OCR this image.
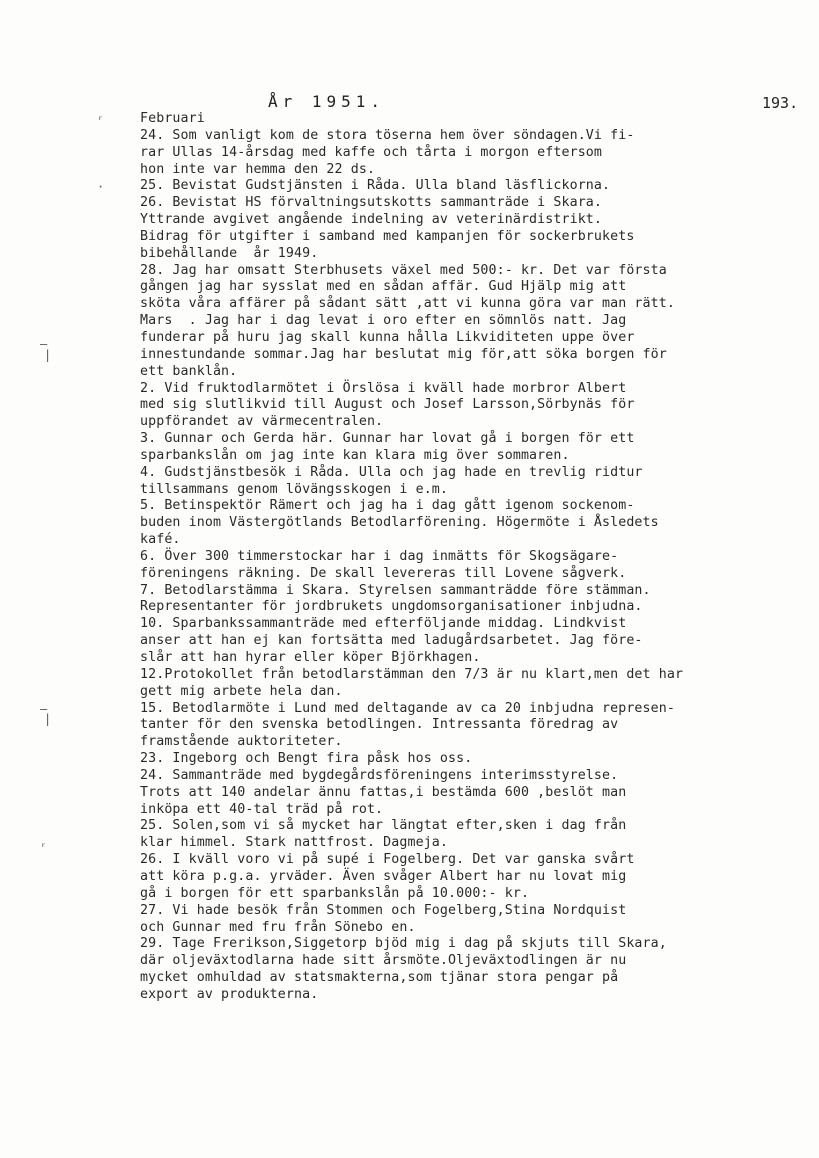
År 1951.	193.
ʳ
·
–
|
–
|
ʳ
Februari
24. Som vanligt kom de stora töserna hem över söndagen.Vi fi-
rar Ullas 14-årsdag med kaffe och tårta i morgon eftersom
hon inte var hemma den 22 ds.
25. Bevistat Gudstjänsten i Råda. Ulla bland läsflickorna.
26. Bevistat HS förvaltningsutskotts sammanträde i Skara.
Yttrande avgivet angående indelning av veterinärdistrikt.
Bidrag för utgifter i samband med kampanjen för sockerbrukets
bibehållande  år 1949.
28. Jag har omsatt Sterbhusets växel med 500:- kr. Det var första
gången jag har sysslat med en sådan affär. Gud Hjälp mig att
sköta våra affärer på sådant sätt ,att vi kunna göra var man rätt.
Mars  . Jag har i dag levat i oro efter en sömnlös natt. Jag
funderar på huru jag skall kunna hålla Likviditeten uppe över
innestundande sommar.Jag har beslutat mig för,att söka borgen för
ett banklån.
2. Vid fruktodlarmötet i Örslösa i kväll hade morbror Albert
med sig slutlikvid till August och Josef Larsson,Sörbynäs för
uppförandet av värmecentralen.
3. Gunnar och Gerda här. Gunnar har lovat gå i borgen för ett
sparbankslån om jag inte kan klara mig över sommaren.
4. Gudstjänstbesök i Råda. Ulla och jag hade en trevlig ridtur
tillsammans genom lövängsskogen i e.m.
5. Betinspektör Rämert och jag ha i dag gått igenom sockenom-
buden inom Västergötlands Betodlarförening. Högermöte i Åsledets
kafé.
6. Över 300 timmerstockar har i dag inmätts för Skogsägare-
föreningens räkning. De skall levereras till Lovene sågverk.
7. Betodlarstämma i Skara. Styrelsen sammanträdde före stämman.
Representanter för jordbrukets ungdomsorganisationer inbjudna.
10. Sparbankssammanträde med efterföljande middag. Lindkvist
anser att han ej kan fortsätta med ladugårdsarbetet. Jag före-
slår att han hyrar eller köper Björkhagen.
12.Protokollet från betodlarstämman den 7/3 är nu klart,men det har
gett mig arbete hela dan.
15. Betodlarmöte i Lund med deltagande av ca 20 inbjudna represen-
tanter för den svenska betodlingen. Intressanta föredrag av
framstående auktoriteter.
23. Ingeborg och Bengt fira påsk hos oss.
24. Sammanträde med bygdegårdsföreningens interimsstyrelse.
Trots att 140 andelar ännu fattas,i bestämda 600 ,beslöt man
inköpa ett 40-tal träd på rot.
25. Solen,som vi så mycket har längtat efter,sken i dag från
klar himmel. Stark nattfrost. Dagmeja.
26. I kväll voro vi på supé i Fogelberg. Det var ganska svårt
att köra p.g.a. yrväder. Även svåger Albert har nu lovat mig
gå i borgen för ett sparbankslån på 10.000:- kr.
27. Vi hade besök från Stommen och Fogelberg,Stina Nordquist
och Gunnar med fru från Sönebo en.
29. Tage Frerikson,Siggetorp bjöd mig i dag på skjuts till Skara,
där oljeväxtodlarna hade sitt årsmöte.Oljeväxtodlingen är nu
mycket omhuldad av statsmakterna,som tjänar stora pengar på
export av produkterna.
